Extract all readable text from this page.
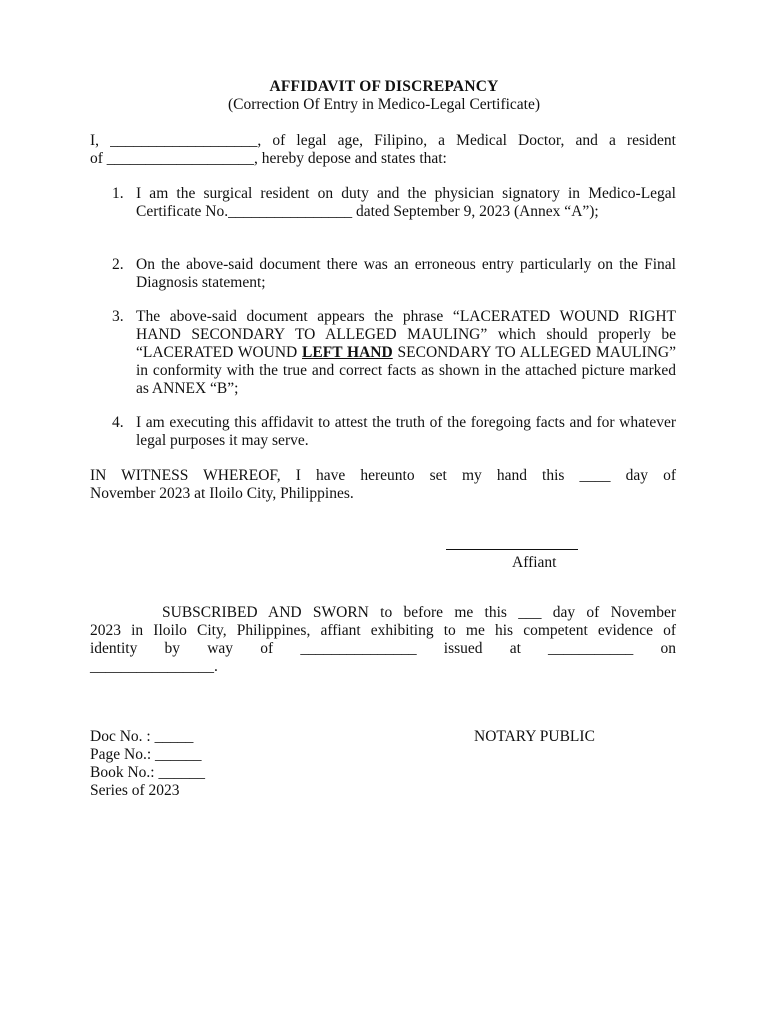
AFFIDAVIT OF DISCREPANCY
(Correction Of Entry in Medico-Legal Certificate)
I, ___________________, of legal age, Filipino, a Medical Doctor, and a resident
of ___________________, hereby depose and states that:
1. I am the surgical resident on duty and the physician signatory in Medico-Legal Certificate No.________________ dated September 9, 2023 (Annex “A”);
2. On the above-said document there was an erroneous entry particularly on the Final Diagnosis statement;
3. The above-said document appears the phrase “LACERATED WOUND RIGHT HAND SECONDARY TO ALLEGED MAULING” which should properly be “LACERATED WOUND LEFT HAND SECONDARY TO ALLEGED MAULING” in conformity with the true and correct facts as shown in the attached picture marked as ANNEX “B”;
4. I am executing this affidavit to attest the truth of the foregoing facts and for whatever legal purposes it may serve.
IN WITNESS WHEREOF, I have hereunto set my hand this ____ day of
November 2023 at Iloilo City, Philippines.
Affiant
SUBSCRIBED AND SWORN to before me this ___ day of November
2023 in Iloilo City, Philippines, affiant exhibiting to me his competent evidence of
identity by way of _______________ issued at ___________ on
________________.
Doc No. : _____
Page No.: ______
Book No.: ______
Series of 2023
NOTARY PUBLIC
